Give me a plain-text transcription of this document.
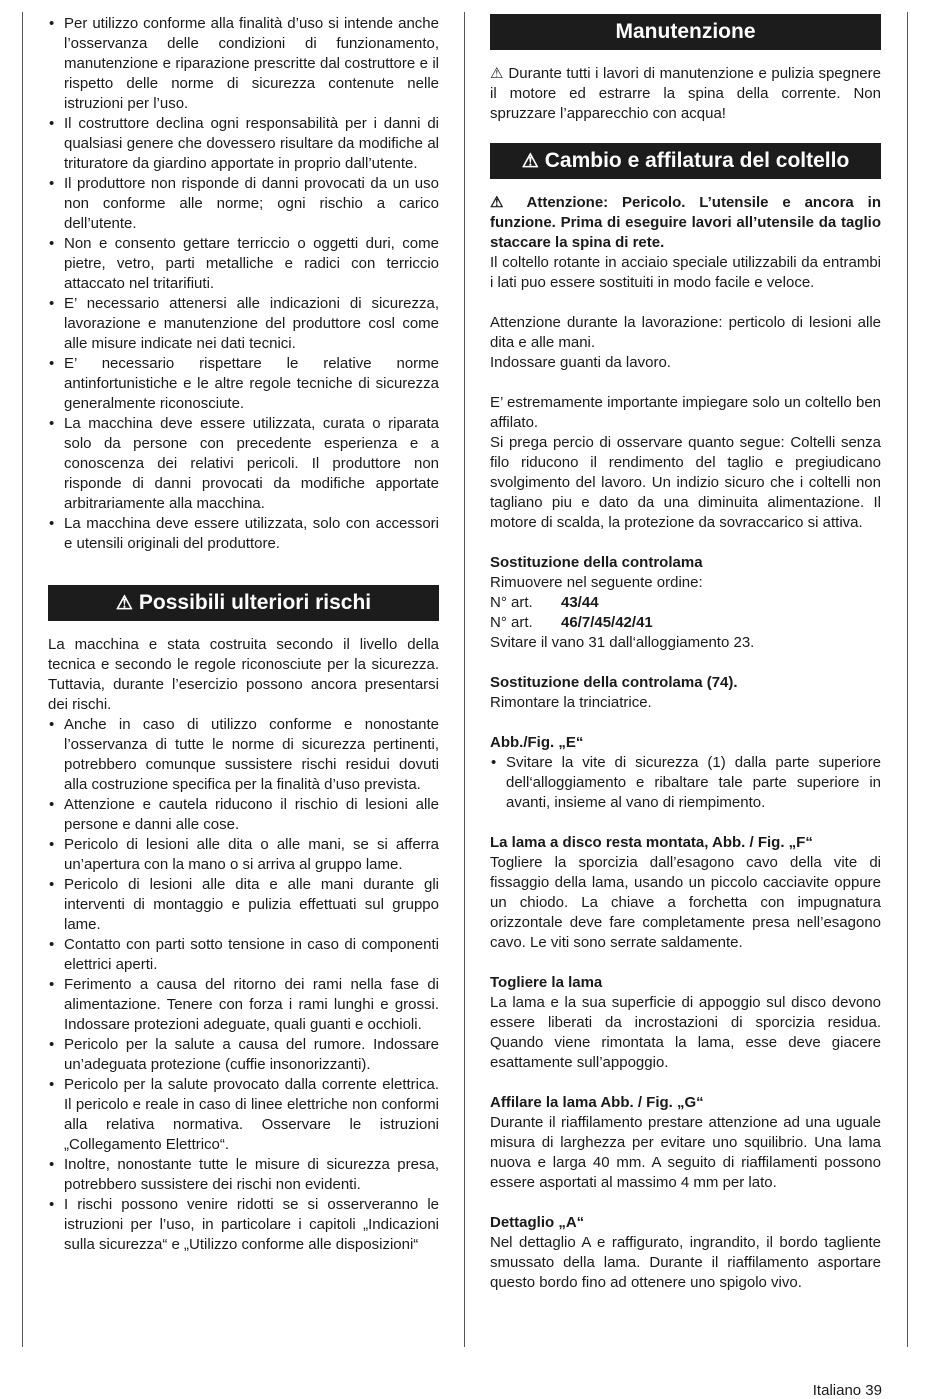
• Per utilizzo conforme alla finalità d’uso si intende anche l’osservanza delle condizioni di funzionamento, manutenzione e riparazione prescritte dal costruttore e il rispetto delle norme di sicurezza contenute nelle istruzioni per l’uso.
• Il costruttore declina ogni responsabilità per i danni di qualsiasi genere che dovessero risultare da modifiche al trituratore da giardino apportate in proprio dall’utente.
• Il produttore non risponde di danni provocati da un uso non conforme alle norme; ogni rischio a carico dell’utente.
• Non e consento gettare terriccio o oggetti duri, come pietre, vetro, parti metalliche e radici con terriccio attaccato nel tritarifiuti.
• E’ necessario attenersi alle indicazioni di sicurezza, lavorazione e manutenzione del produttore cosl come alle misure indicate nei dati tecnici.
• E’ necessario rispettare le relative norme antinfortunistiche e le altre regole tecniche di sicurezza generalmente riconosciute.
• La macchina deve essere utilizzata, curata o riparata solo da persone con precedente esperienza e a conoscenza dei relativi pericoli. Il produttore non risponde di danni provocati da modifiche apportate arbitrariamente alla macchina.
• La macchina deve essere utilizzata, solo con accessori e utensili originali del produttore.
⚠ Possibili ulteriori rischi

La macchina e stata costruita secondo il livello della tecnica e secondo le regole riconosciute per la sicurezza. Tuttavia, durante l’esercizio possono ancora presentarsi dei rischi.

• Anche in caso di utilizzo conforme e nonostante l’osservanza di tutte le norme di sicurezza pertinenti, potrebbero comunque sussistere rischi residui dovuti alla costruzione specifica per la finalità d’uso prevista.
• Attenzione e cautela riducono il rischio di lesioni alle persone e danni alle cose.
• Pericolo di lesioni alle dita o alle mani, se si afferra un’apertura con la mano o si arriva al gruppo lame.
• Pericolo di lesioni alle dita e alle mani durante gli interventi di montaggio e pulizia effettuati sul gruppo lame.
• Contatto con parti sotto tensione in caso di componenti elettrici aperti.
• Ferimento a causa del ritorno dei rami nella fase di alimentazione. Tenere con forza i rami lunghi e grossi. Indossare protezioni adeguate, quali guanti e occhioli.
• Pericolo per la salute a causa del rumore. Indossare un’adeguata protezione (cuffie insonorizzanti).
• Pericolo per la salute provocato dalla corrente elettrica. Il pericolo e reale in caso di linee elettriche non conformi alla relativa normativa. Osservare le istruzioni „Collegamento Elettrico“.
• Inoltre, nonostante tutte le misure di sicurezza presa, potrebbero sussistere dei rischi non evidenti.
• I rischi possono venire ridotti se si osserveranno le istruzioni per l’uso, in particolare i capitoli „Indicazioni sulla sicurezza“ e „Utilizzo conforme alle disposizioni“
Manutenzione

⚠ Durante tutti i lavori di manutenzione e pulizia spegnere il motore ed estrarre la spina della corrente. Non spruzzare l’apparecchio con acqua!

⚠ Cambio e affilatura del coltello

⚠ Attenzione: Pericolo. L’utensile e ancora in funzione. Prima di eseguire lavori all’utensile da taglio staccare la spina di rete.

Il coltello rotante in acciaio speciale utilizzabili da entrambi i lati puo essere sostituiti in modo facile e veloce.

Attenzione durante la lavorazione: perticolo di lesioni alle dita e alle mani.

Indossare guanti da lavoro.

E’ estremamente importante impiegare solo un coltello ben affilato.

Si prega percio di osservare quanto segue: Coltelli senza filo riducono il rendimento del taglio e pregiudicano svolgimento del lavoro. Un indizio sicuro che i coltelli non tagliano piu e dato da una diminuita alimentazione. Il motore di scalda, la protezione da sovraccarico si attiva.

Sostituzione della controlama

Rimuovere nel seguente ordine:

N° art.	43/44
N° art.	46/7/45/42/41

Svitare il vano 31 dall‘alloggiamento 23.

Sostituzione della controlama (74).

Rimontare la trinciatrice.

Abb./Fig. „E“

• Svitare la vite di sicurezza (1) dalla parte superiore dell‘alloggiamento e ribaltare tale parte superiore in avanti, insieme al vano di riempimento.

La lama a disco resta montata, Abb. / Fig. „F“

Togliere la sporcizia dall’esagono cavo della vite di fissaggio della lama, usando un piccolo cacciavite oppure un chiodo. La chiave a forchetta con impugnatura orizzontale deve fare completamente presa nell’esagono cavo. Le viti sono serrate saldamente.

Togliere la lama

La lama e la sua superficie di appoggio sul disco devono essere liberati da incrostazioni di sporcizia residua. Quando viene rimontata la lama, esse deve giacere esattamente sull’appoggio.

Affilare la lama Abb. / Fig. „G“

Durante il riaffilamento prestare attenzione ad una uguale misura di larghezza per evitare uno squilibrio. Una lama nuova e larga 40 mm. A seguito di riaffilamenti possono essere asportati al massimo 4 mm per lato.

Dettaglio „A“

Nel dettaglio A e raffigurato, ingrandito, il bordo tagliente smussato della lama. Durante il riaffilamento asportare questo bordo fino ad ottenere uno spigolo vivo.

Italiano 39
